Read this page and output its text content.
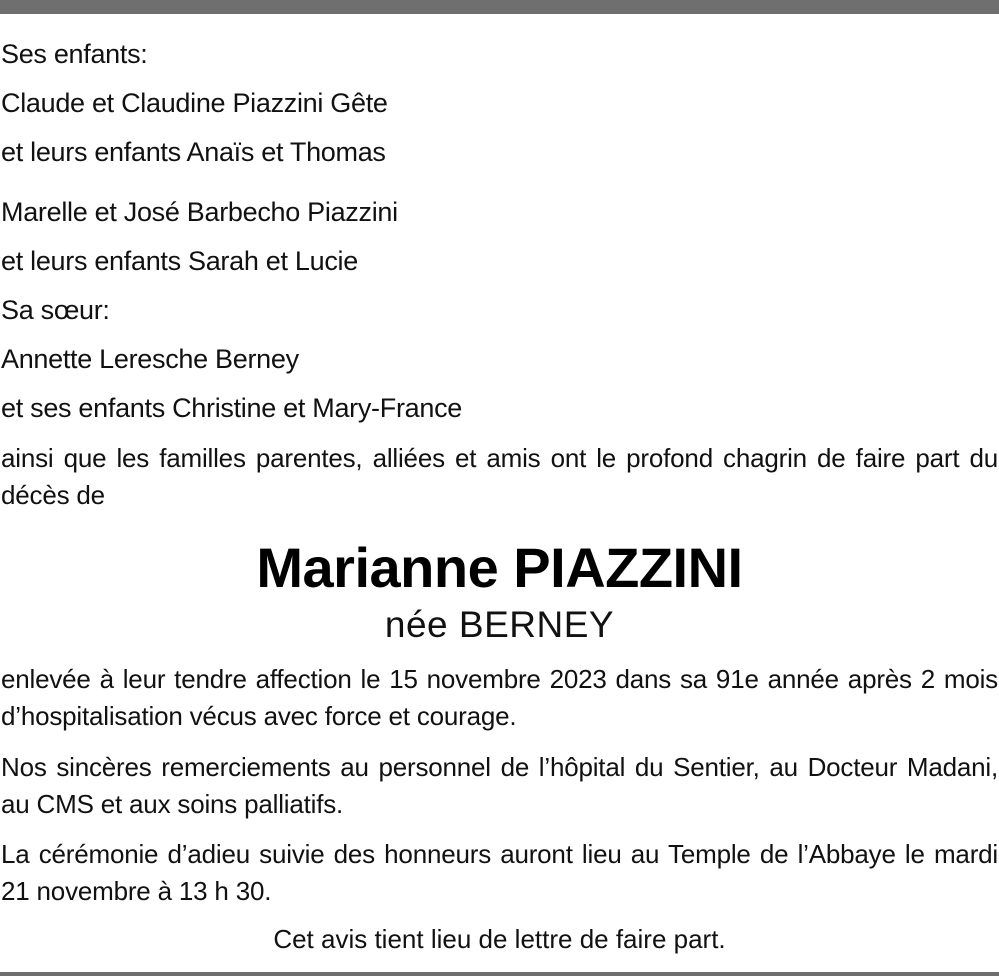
Ses enfants:
Claude et Claudine Piazzini Gête
et leurs enfants Anaïs et Thomas
Marelle et José Barbecho Piazzini
et leurs enfants Sarah et Lucie
Sa sœur:
Annette Leresche Berney
et ses enfants Christine et Mary-France
ainsi que les familles parentes, alliées et amis ont le profond chagrin de faire part du décès de
Marianne PIAZZINI
née BERNEY
enlevée à leur tendre affection le 15 novembre 2023 dans sa 91e année après 2 mois d’hospitalisation vécus avec force et courage.
Nos sincères remerciements au personnel de l’hôpital du Sentier, au Docteur Madani, au CMS et aux soins palliatifs.
La cérémonie d’adieu suivie des honneurs auront lieu au Temple de l’Abbaye le mardi 21 novembre à 13 h 30.
Cet avis tient lieu de lettre de faire part.
